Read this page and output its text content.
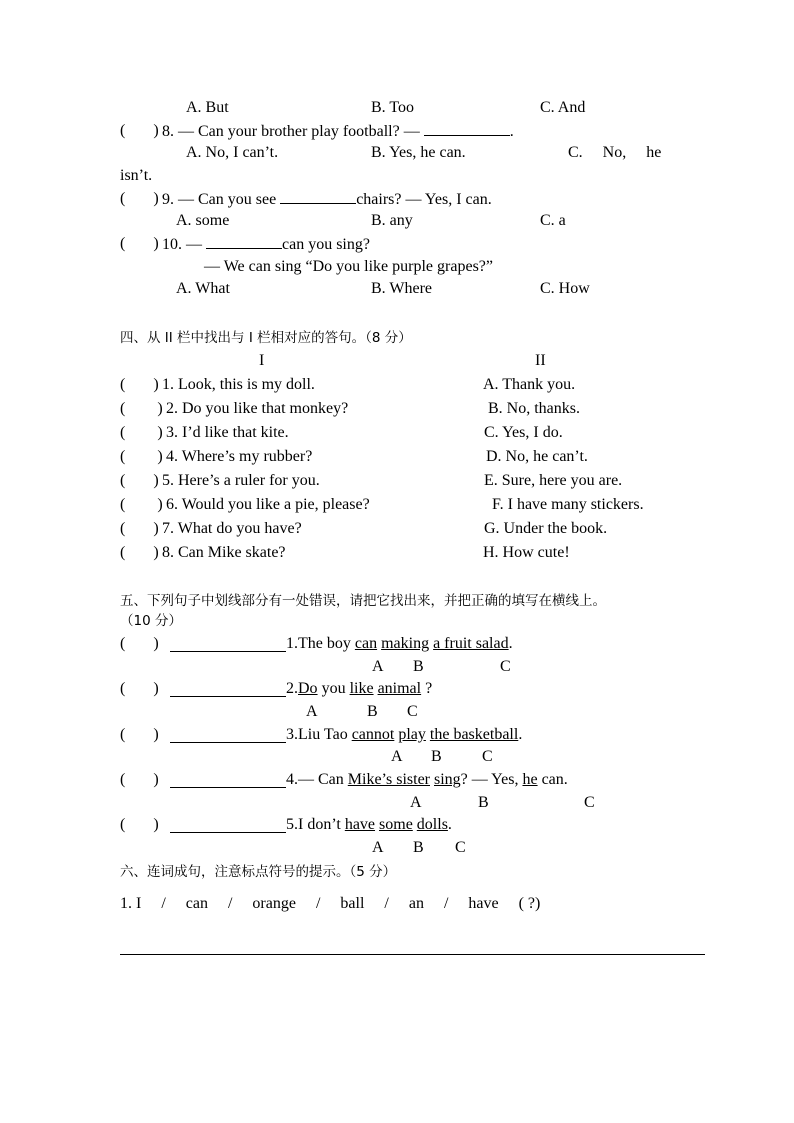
A. But	B. Too	C. And
(       ) 8. — Can your brother play football? —	.
A. No, I can’t.	B. Yes, he can.	C.     No,     he
isn’t.
(       ) 9. — Can you see	chairs? — Yes, I can.
A. some	B. any	C. a
(       ) 10. —	can you sing?
— We can sing “Do you like purple grapes?”
A. What	B. Where	C. How
四、从 II 栏中找出与 I 栏相对应的答句。（8 分）
I	II
(       ) 1. Look, this is my doll.	A. Thank you.
(        ) 2. Do you like that monkey?	B. No, thanks.
(        ) 3. I’d like that kite.	C. Yes, I do.
(        ) 4. Where’s my rubber?	D. No, he can’t.
(       ) 5. Here’s a ruler for you.	E. Sure, here you are.
(        ) 6. Would you like a pie, please?	F. I have many stickers.
(       ) 7. What do you have?	G. Under the book.
(       ) 8. Can Mike skate?	H. How cute!
五、下列句子中划线部分有一处错误，请把它找出来，并把正确的填写在横线上。
（10 分）
(       )	1.The boy can making a fruit salad.
A B	C
(       )	2.Do you like animal ?
A	B C
(       )	3.Liu Tao cannot play the basketball.
A B	C
(       )	4.— Can Mike’s sister sing? — Yes, he can.
A	B	C
(       )	5.I don’t have some dolls.
A B C
六、连词成句，注意标点符号的提示。（5 分）
1. I     /     can     /     orange     /     ball     /     an     /     have     ( ?)
